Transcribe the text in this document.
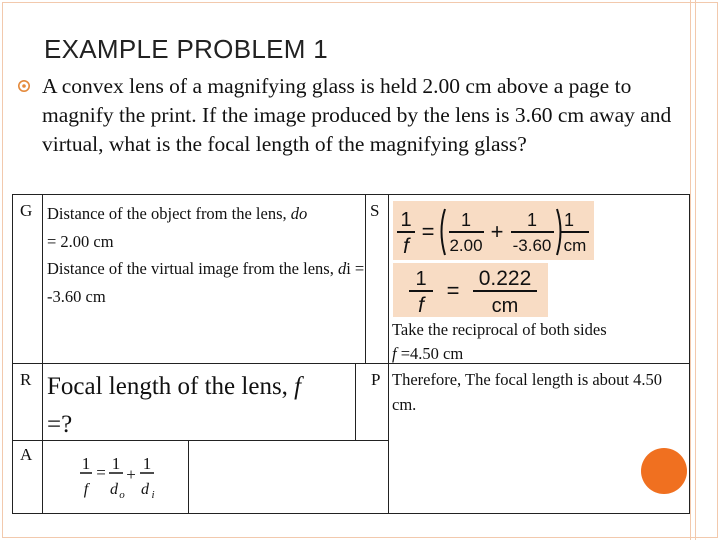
EXAMPLE PROBLEM 1
A convex lens of a magnifying glass is held 2.00 cm above a page to magnify the print. If the image produced by the lens is 3.60 cm away and virtual, what is the focal length of the magnifying glass?
G	S
R	P
A
Distance of the object from the lens, do
= 2.00 cm
Distance of the virtual image from the lens, di = -3.60 cm
Focal length of the lens, f
=?
1
f
= 1
2.00
+ 1
-3.60
1
cm
1
f
= 0.222
cm
Take the reciprocal of both sides
f =4.50 cm
Therefore, The focal length is about 4.50 cm.
1
f
= 1
d o
+
1
d i
